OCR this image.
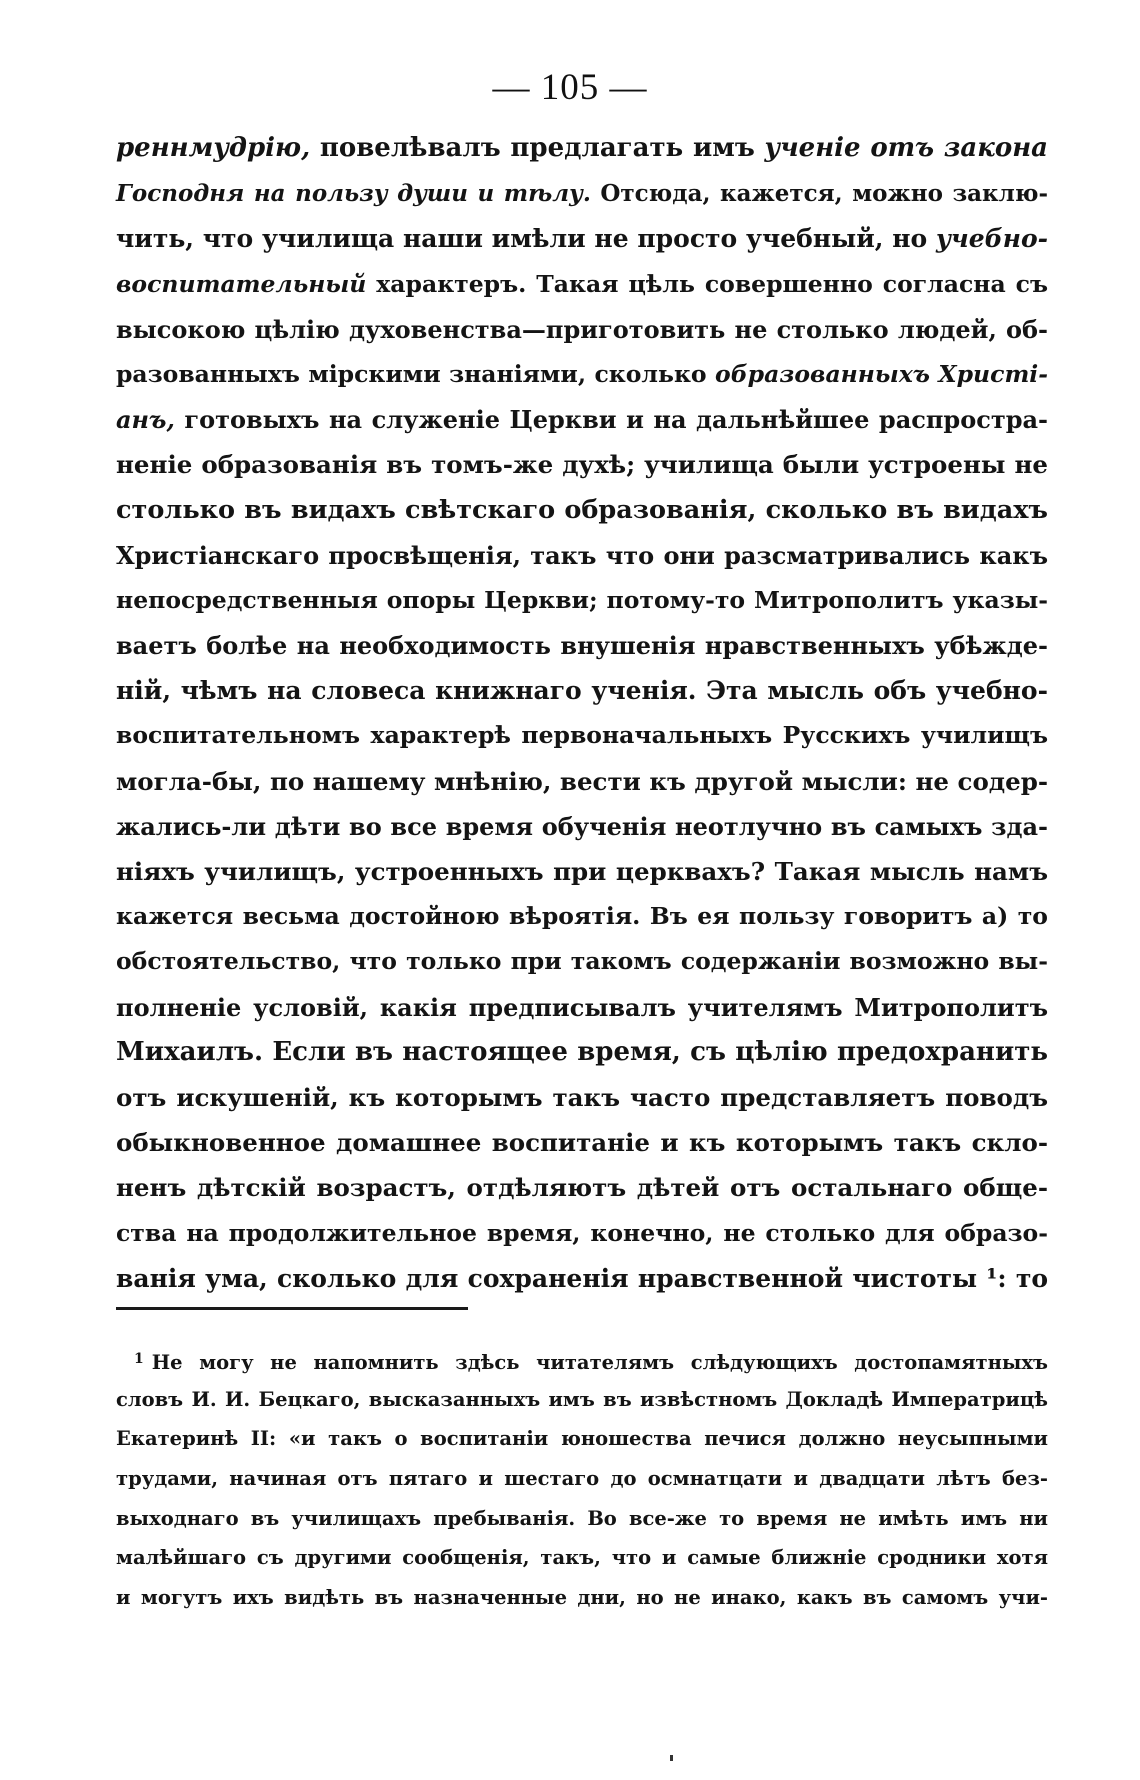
— 105 —
реннмудрію, повелѣвалъ предлагать имъ ученіе отъ закона
Господня на пользу души и тѣлу. Отсюда, кажется, можно заклю-
чить, что училища наши имѣли не просто учебный, но учебно-
воспитательный характеръ. Такая цѣль совершенно согласна съ
высокою цѣлію духовенства—приготовить не столько людей, об-
разованныхъ мірскими знаніями, сколько образованныхъ Христі-
анъ, готовыхъ на служеніе Церкви и на дальнѣйшее распростра-
неніе образованія въ томъ-же духѣ; училища были устроены не
столько въ видахъ свѣтскаго образованія, сколько въ видахъ
Христіанскаго просвѣщенія, такъ что они разсматривались какъ
непосредственныя опоры Церкви; потому-то Митрополитъ указы-
ваетъ болѣе на необходимость внушенія нравственныхъ убѣжде-
ній, чѣмъ на словеса книжнаго ученія. Эта мысль объ учебно-
воспитательномъ характерѣ первоначальныхъ Русскихъ училищъ
могла-бы, по нашему мнѣнію, вести къ другой мысли: не содер-
жались-ли дѣти во все время обученія неотлучно въ самыхъ зда-
ніяхъ училищъ, устроенныхъ при церквахъ? Такая мысль намъ
кажется весьма достойною вѣроятія. Въ ея пользу говоритъ а) то
обстоятельство, что только при такомъ содержаніи возможно вы-
полненіе условій, какія предписывалъ учителямъ Митрополитъ
Михаилъ. Если въ настоящее время, съ цѣлію предохранить
отъ искушеній, къ которымъ такъ часто представляетъ поводъ
обыкновенное домашнее воспитаніе и къ которымъ такъ скло-
ненъ дѣтскій возрастъ, отдѣляютъ дѣтей отъ остальнаго обще-
ства на продолжительное время, конечно, не столько для образо-
ванія ума, сколько для сохраненія нравственной чистоты ¹: то
$^1$ Не могу не напомнить здѣсь читателямъ слѣдующихъ достопамятныхъ
словъ И. И. Бецкаго, высказанныхъ имъ въ извѣстномъ Докладѣ Императрицѣ
Екатеринѣ II: «и такъ о воспитаніи юношества печися должно неусыпными
трудами, начиная отъ пятаго и шестаго до осмнатцати и двадцати лѣтъ без-
выходнаго въ училищахъ пребыванія. Во все-же то время не имѣть имъ ни
малѣйшаго съ другими сообщенія, такъ, что и самые ближніе сродники хотя
и могутъ ихъ видѣть въ назначенные дни, но не инако, какъ въ самомъ учи-
